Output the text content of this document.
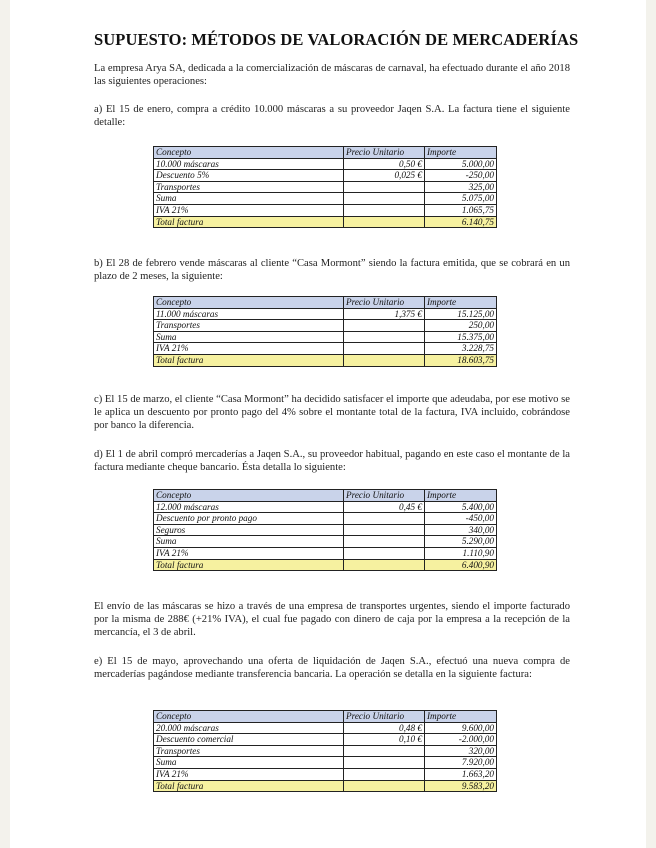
SUPUESTO: MÉTODOS DE VALORACIÓN DE MERCADERÍAS
La empresa Arya SA, dedicada a la comercialización de máscaras de carnaval, ha efectuado durante el año 2018 las siguientes operaciones:
a) El 15 de enero, compra a crédito 10.000 máscaras a su proveedor Jaqen S.A. La factura tiene el siguiente detalle:
Concepto	Precio Unitario	Importe
10.000 máscaras	0,50 €	5.000,00
Descuento 5%	0,025 €	-250,00
Transportes		325,00
Suma		5.075,00
IVA 21%		1.065,75
Total factura		6.140,75
b) El 28 de febrero vende máscaras al cliente “Casa Mormont” siendo la factura emitida, que se cobrará en un plazo de 2 meses, la siguiente:
Concepto	Precio Unitario	Importe
11.000 máscaras	1,375 €	15.125,00
Transportes		250,00
Suma		15.375,00
IVA 21%		3.228,75
Total factura		18.603,75
c) El 15 de marzo, el cliente “Casa Mormont” ha decidido satisfacer el importe que adeudaba, por ese motivo se le aplica un descuento por pronto pago del 4% sobre el montante total de la factura, IVA incluido, cobrándose por banco la diferencia.
d) El 1 de abril compró mercaderías a Jaqen S.A., su proveedor habitual, pagando en este caso el montante de la factura mediante cheque bancario. Ésta detalla lo siguiente:
Concepto	Precio Unitario	Importe
12.000 máscaras	0,45 €	5.400,00
Descuento por pronto pago		-450,00
Seguros		340,00
Suma		5.290,00
IVA 21%		1.110,90
Total factura		6.400,90
El envío de las máscaras se hizo a través de una empresa de transportes urgentes, siendo el importe facturado por la misma de 288€ (+21% IVA), el cual fue pagado con dinero de caja por la empresa a la recepción de la mercancía, el 3 de abril.
e) El 15 de mayo, aprovechando una oferta de liquidación de Jaqen S.A., efectuó una nueva compra de mercaderías pagándose mediante transferencia bancaria. La operación se detalla en la siguiente factura:
Concepto	Precio Unitario	Importe
20.000 máscaras	0,48 €	9.600,00
Descuento comercial	0,10 €	-2.000,00
Transportes		320,00
Suma		7.920,00
IVA 21%		1.663,20
Total factura		9.583,20
